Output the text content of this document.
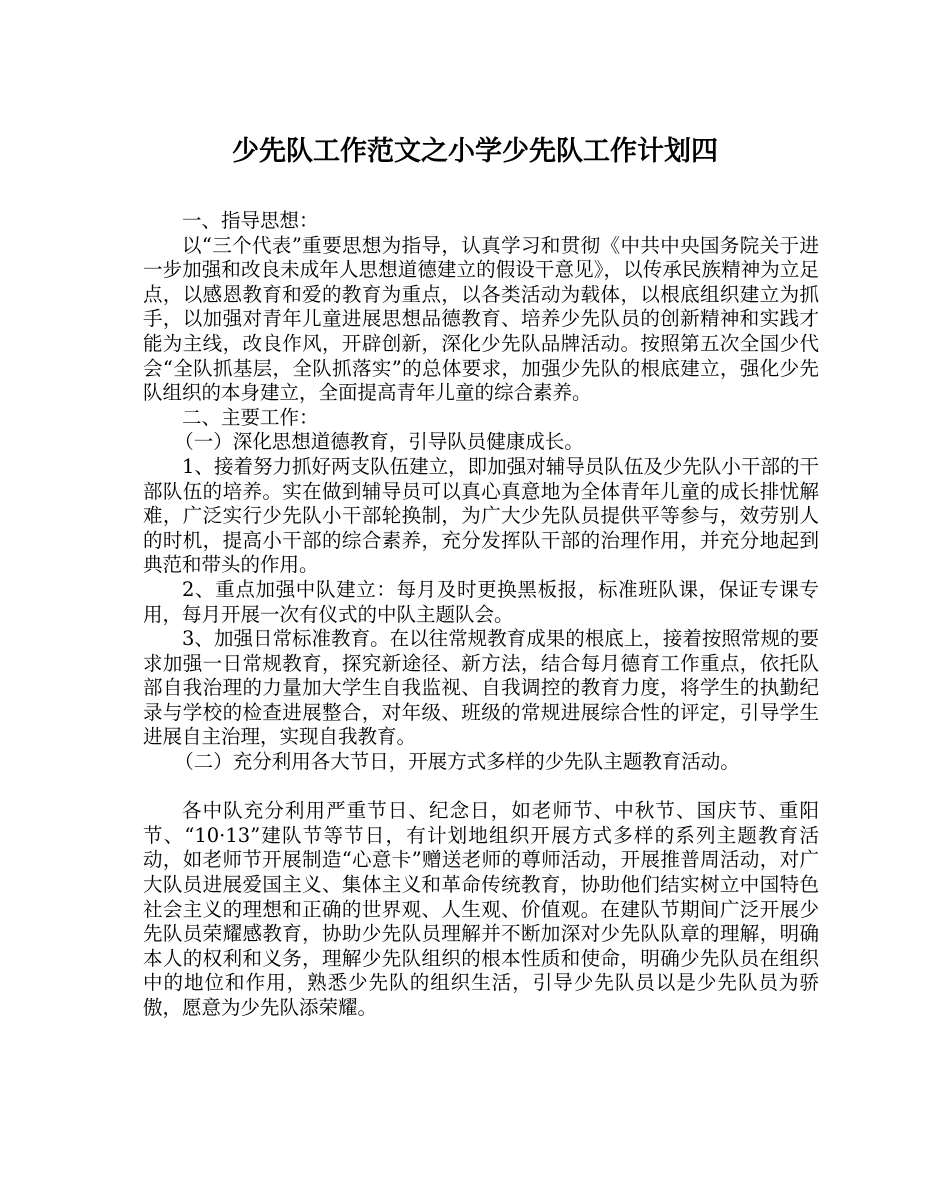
少先队工作范文之小学少先队工作计划四

一、指导思想：

以“三个代表”重要思想为指导，认真学习和贯彻《中共中央国务院关于进一步加强和改良未成年人思想道德建立的假设干意见》，以传承民族精神为立足点，以感恩教育和爱的教育为重点，以各类活动为载体，以根底组织建立为抓手，以加强对青年儿童进展思想品德教育、培养少先队员的创新精神和实践才能为主线，改良作风，开辟创新，深化少先队品牌活动。按照第五次全国少代会“全队抓基层，全队抓落实”的总体要求，加强少先队的根底建立，强化少先队组织的本身建立，全面提高青年儿童的综合素养。

二、主要工作：

（一）深化思想道德教育，引导队员健康成长。

1、接着努力抓好两支队伍建立，即加强对辅导员队伍及少先队小干部的干部队伍的培养。实在做到辅导员可以真心真意地为全体青年儿童的成长排忧解难，广泛实行少先队小干部轮换制，为广大少先队员提供平等参与，效劳别人的时机，提高小干部的综合素养，充分发挥队干部的治理作用，并充分地起到典范和带头的作用。

2、重点加强中队建立：每月及时更换黑板报，标准班队课，保证专课专用，每月开展一次有仪式的中队主题队会。

3、加强日常标准教育。在以往常规教育成果的根底上，接着按照常规的要求加强一日常规教育，探究新途径、新方法，结合每月德育工作重点，依托队部自我治理的力量加大学生自我监视、自我调控的教育力度，将学生的执勤纪录与学校的检查进展整合，对年级、班级的常规进展综合性的评定，引导学生进展自主治理，实现自我教育。

（二）充分利用各大节日，开展方式多样的少先队主题教育活动。

各中队充分利用严重节日、纪念日，如老师节、中秋节、国庆节、重阳节、“10·13”建队节等节日，有计划地组织开展方式多样的系列主题教育活动，如老师节开展制造“心意卡”赠送老师的尊师活动，开展推普周活动，对广大队员进展爱国主义、集体主义和革命传统教育，协助他们结实树立中国特色社会主义的理想和正确的世界观、人生观、价值观。在建队节期间广泛开展少先队员荣耀感教育，协助少先队员理解并不断加深对少先队队章的理解，明确本人的权利和义务，理解少先队组织的根本性质和使命，明确少先队员在组织中的地位和作用，熟悉少先队的组织生活，引导少先队员以是少先队员为骄傲，愿意为少先队添荣耀。
